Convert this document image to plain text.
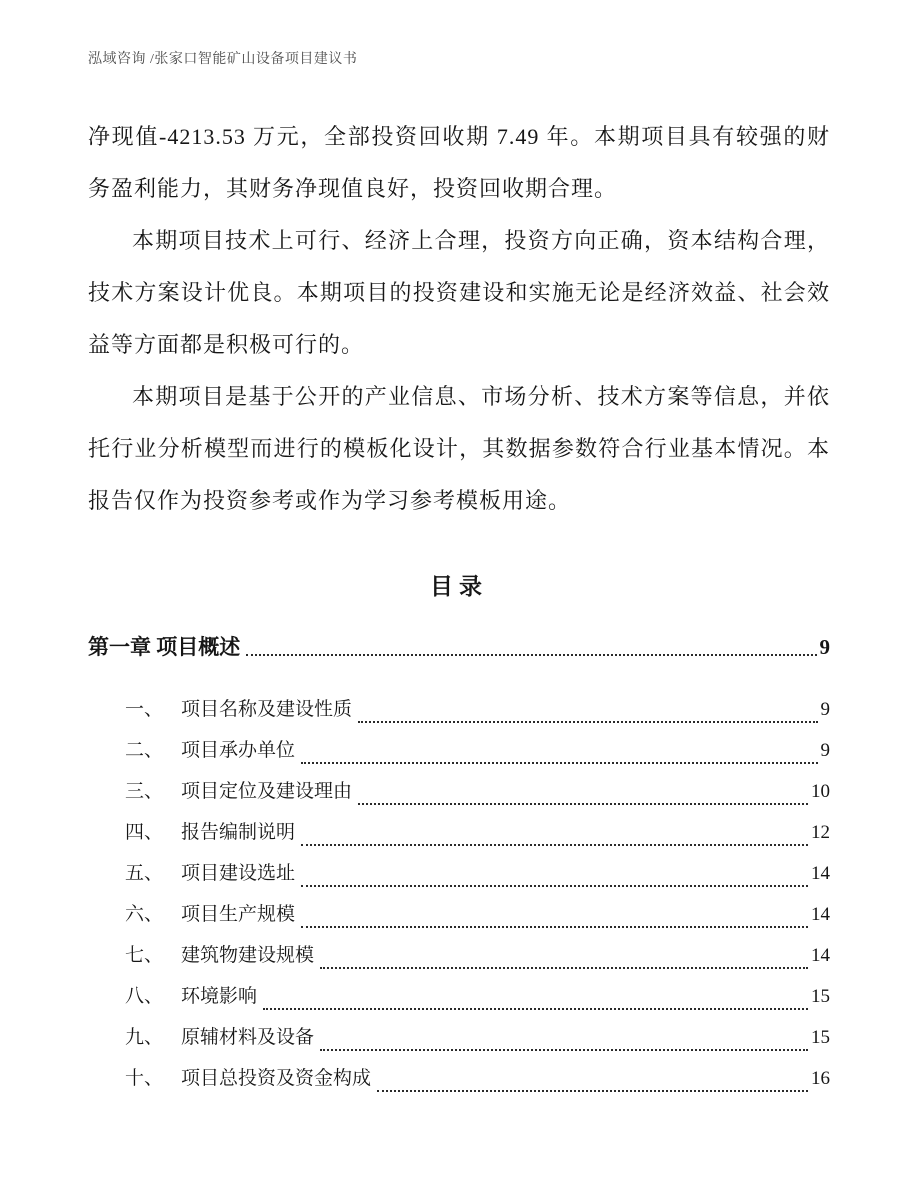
泓域咨询 /张家口智能矿山设备项目建议书

净现值-4213.53 万元，全部投资回收期 7.49 年。本期项目具有较强的财务盈利能力，其财务净现值良好，投资回收期合理。

本期项目技术上可行、经济上合理，投资方向正确，资本结构合理，技术方案设计优良。本期项目的投资建设和实施无论是经济效益、社会效益等方面都是积极可行的。

本期项目是基于公开的产业信息、市场分析、技术方案等信息，并依托行业分析模型而进行的模板化设计，其数据参数符合行业基本情况。本报告仅作为投资参考或作为学习参考模板用途。

目录
第一章 项目概述	9
一、 项目名称及建设性质	9
二、 项目承办单位	9
三、 项目定位及建设理由	10
四、 报告编制说明	12
五、 项目建设选址	14
六、 项目生产规模	14
七、 建筑物建设规模	14
八、 环境影响	15
九、 原辅材料及设备	15
十、 项目总投资及资金构成	16
